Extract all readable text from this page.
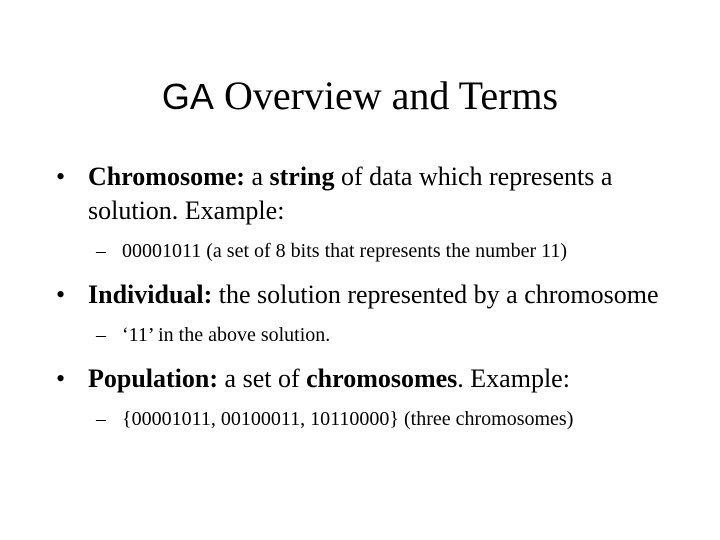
GA Overview and Terms
• Chromosome: a string of data which represents a solution. Example:
– 00001011 (a set of 8 bits that represents the number 11)
• Individual: the solution represented by a chromosome
– ‘11’ in the above solution.
• Population: a set of chromosomes. Example:
– {00001011, 00100011, 10110000} (three chromosomes)
